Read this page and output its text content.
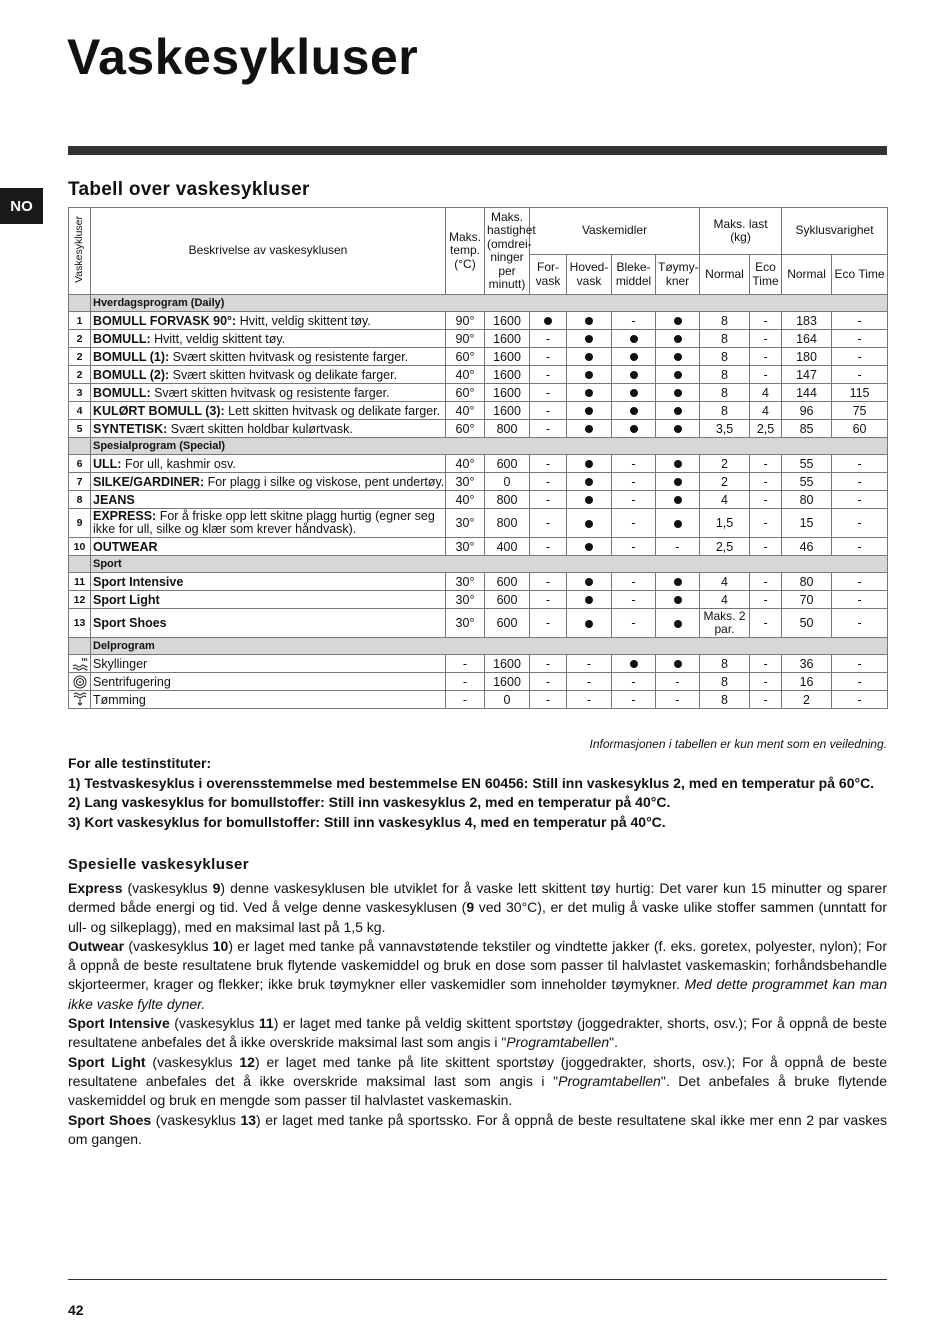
Vaskesykluser
NO
Tabell over vaskesykluser
Vaskesykluser	Beskrivelse av vaskesyklusen	Maks. temp. (°C)	Maks. hastighet (omdrei-ninger per minutt)	Vaskemidler				Maks. last (kg)		Syklusvarighet	
				For-vask	Hoved-vask	Bleke-middel	Tøymy-kner	Normal	Eco Time	Normal	Eco Time
	Hverdagsprogram (Daily)										
1	BOMULL FORVASK 90°: Hvitt, veldig skittent tøy.	90°	1600			-		8	-	183	-
2	BOMULL: Hvitt, veldig skittent tøy.	90°	1600	-				8	-	164	-
2	BOMULL (1): Svært skitten hvitvask og resistente farger.	60°	1600	-				8	-	180	-
2	BOMULL (2): Svært skitten hvitvask og delikate farger.	40°	1600	-				8	-	147	-
3	BOMULL: Svært skitten hvitvask og resistente farger.	60°	1600	-				8	4	144	115
4	KULØRT BOMULL (3): Lett skitten hvitvask og delikate farger.	40°	1600	-				8	4	96	75
5	SYNTETISK: Svært skitten holdbar kulørtvask.	60°	800	-				3,5	2,5	85	60
	Spesialprogram (Special)										
6	ULL: For ull, kashmir osv.	40°	600	-		-		2	-	55	-
7	SILKE/GARDINER: For plagg i silke og viskose, pent undertøy.	30°	0	-		-		2	-	55	-
8	JEANS	40°	800	-		-		4	-	80	-
9	EXPRESS: For å friske opp lett skitne plagg hurtig (egner seg ikke for ull, silke og klær som krever håndvask).	30°	800	-		-		1,5	-	15	-
10	OUTWEAR	30°	400	-		-	-	2,5	-	46	-
	Sport										
11	Sport Intensive	30°	600	-		-		4	-	80	-
12	Sport Light	30°	600	-		-		4	-	70	-
13	Sport Shoes	30°	600	-		-		Maks. 2 par.	-	50	-
	Delprogram										
	Skyllinger	-	1600	-	-			8	-	36	-
	Sentrifugering	-	1600	-	-	-	-	8	-	16	-
	Tømming	-	0	-	-	-	-	8	-	2	-

Informasjonen i tabellen er kun ment som en veiledning.

For alle testinstituter:

1) Testvaskesyklus i overensstemmelse med bestemmelse EN 60456: Still inn vaskesyklus 2, med en temperatur på 60°C.

2) Lang vaskesyklus for bomullstoffer: Still inn vaskesyklus 2, med en temperatur på 40°C.

3) Kort vaskesyklus for bomullstoffer: Still inn vaskesyklus 4, med en temperatur på 40°C.

Spesielle vaskesykluser

Express (vaskesyklus 9) denne vaskesyklusen ble utviklet for å vaske lett skittent tøy hurtig: Det varer kun 15 minutter og sparer dermed både energi og tid. Ved å velge denne vaskesyklusen (9 ved 30°C), er det mulig å vaske ulike stoffer sammen (unntatt for ull- og silkeplagg), med en maksimal last på 1,5 kg.

Outwear (vaskesyklus 10) er laget med tanke på vannavstøtende tekstiler og vindtette jakker (f. eks. goretex, polyester, nylon); For å oppnå de beste resultatene bruk flytende vaskemiddel og bruk en dose som passer til halvlastet vaskemaskin; forhåndsbehandle skjorteermer, krager og flekker; ikke bruk tøymykner eller vaskemidler som inneholder tøymykner. Med dette programmet kan man ikke vaske fylte dyner.

Sport Intensive (vaskesyklus 11) er laget med tanke på veldig skittent sportstøy (joggedrakter, shorts, osv.); For å oppnå de beste resultatene anbefales det å ikke overskride maksimal last som angis i "Programtabellen".

Sport Light (vaskesyklus 12) er laget med tanke på lite skittent sportstøy (joggedrakter, shorts, osv.); For å oppnå de beste resultatene anbefales det å ikke overskride maksimal last som angis i "Programtabellen". Det anbefales å bruke flytende vaskemiddel og bruk en mengde som passer til halvlastet vaskemaskin.

Sport Shoes (vaskesyklus 13) er laget med tanke på sportssko. For å oppnå de beste resultatene skal ikke mer enn 2 par vaskes om gangen.

42
